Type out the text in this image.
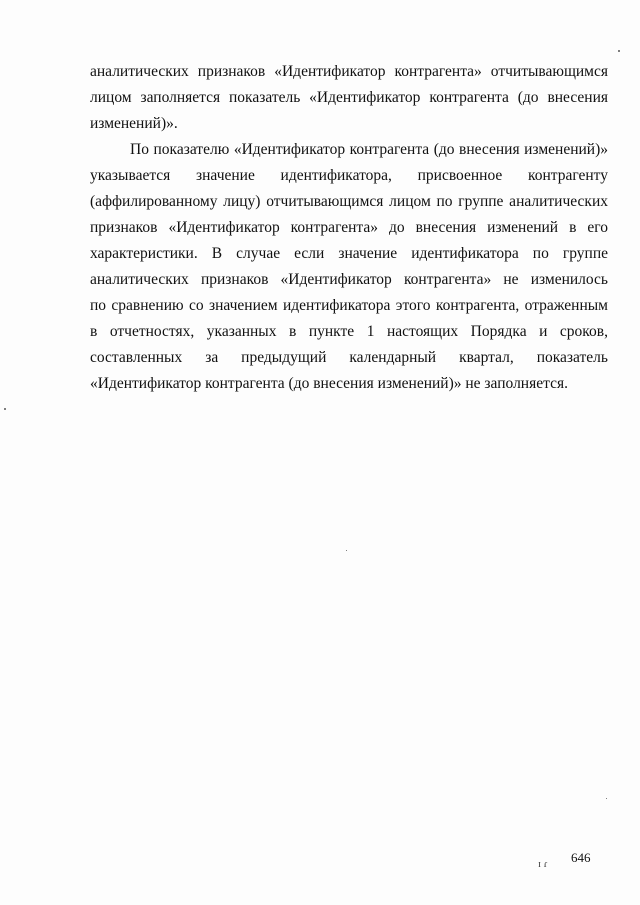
аналитических признаков «Идентификатор контрагента» отчитывающимся
лицом заполняется показатель «Идентификатор контрагента (до внесения
изменений)».
По показателю «Идентификатор контрагента (до внесения изменений)»
указывается значение идентификатора, присвоенное контрагенту
(аффилированному лицу) отчитывающимся лицом по группе аналитических
признаков «Идентификатор контрагента» до внесения изменений в его
характеристики. В случае если значение идентификатора по группе
аналитических признаков «Идентификатор контрагента» не изменилось
по сравнению со значением идентификатора этого контрагента, отраженным
в отчетностях, указанных в пункте 1 настоящих Порядка и сроков,
составленных за предыдущий календарный квартал, показатель
«Идентификатор контрагента (до внесения изменений)» не заполняется.
ɪ ɾ 646
